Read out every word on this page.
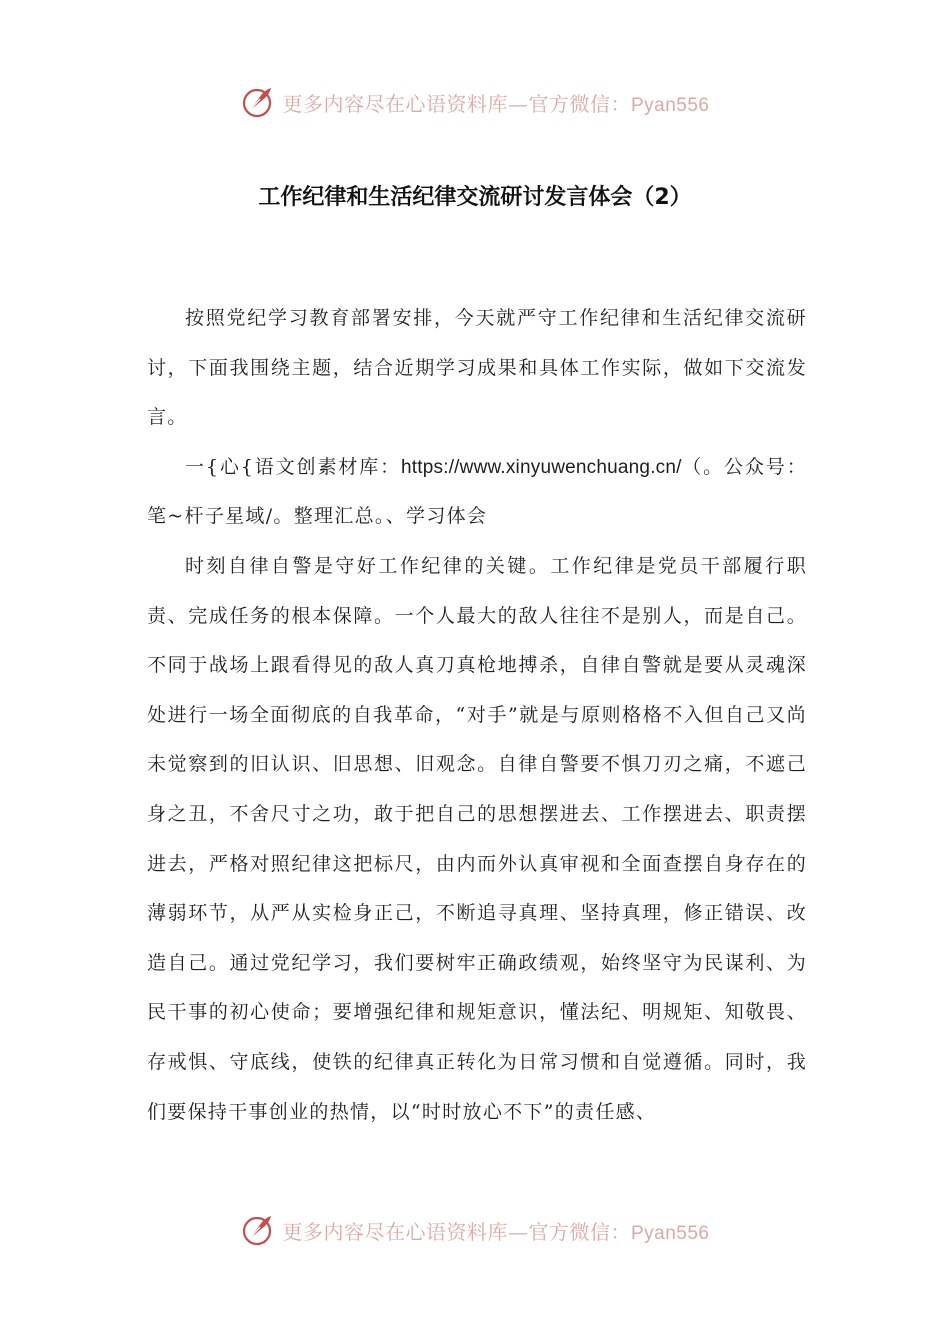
更多内容尽在心语资料库—官方微信：Pyan556
工作纪律和生活纪律交流研讨发言体会（2）

按照党纪学习教育部署安排，今天就严守工作纪律和生活纪律交流研讨，下面我围绕主题，结合近期学习成果和具体工作实际，做如下交流发言。

一{心{语文创素材库：https://www.xinyuwenchuang.cn/（。公众号：笔~杆子星域/。整理汇总。、学习体会

时刻自律自警是守好工作纪律的关键。工作纪律是党员干部履行职责、完成任务的根本保障。一个人最大的敌人往往不是别人，而是自己。不同于战场上跟看得见的敌人真刀真枪地搏杀，自律自警就是要从灵魂深处进行一场全面彻底的自我革命，“对手”就是与原则格格不入但自己又尚未觉察到的旧认识、旧思想、旧观念。自律自警要不惧刀刃之痛，不遮己身之丑，不舍尺寸之功，敢于把自己的思想摆进去、工作摆进去、职责摆进去，严格对照纪律这把标尺，由内而外认真审视和全面查摆自身存在的薄弱环节，从严从实检身正己，不断追寻真理、坚持真理，修正错误、改造自己。通过党纪学习，我们要树牢正确政绩观，始终坚守为民谋利、为民干事的初心使命；要增强纪律和规矩意识，懂法纪、明规矩、知敬畏、存戒惧、守底线，使铁的纪律真正转化为日常习惯和自觉遵循。同时，我们要保持干事创业的热情，以“时时放心不下”的责任感、

更多内容尽在心语资料库—官方微信：Pyan556
